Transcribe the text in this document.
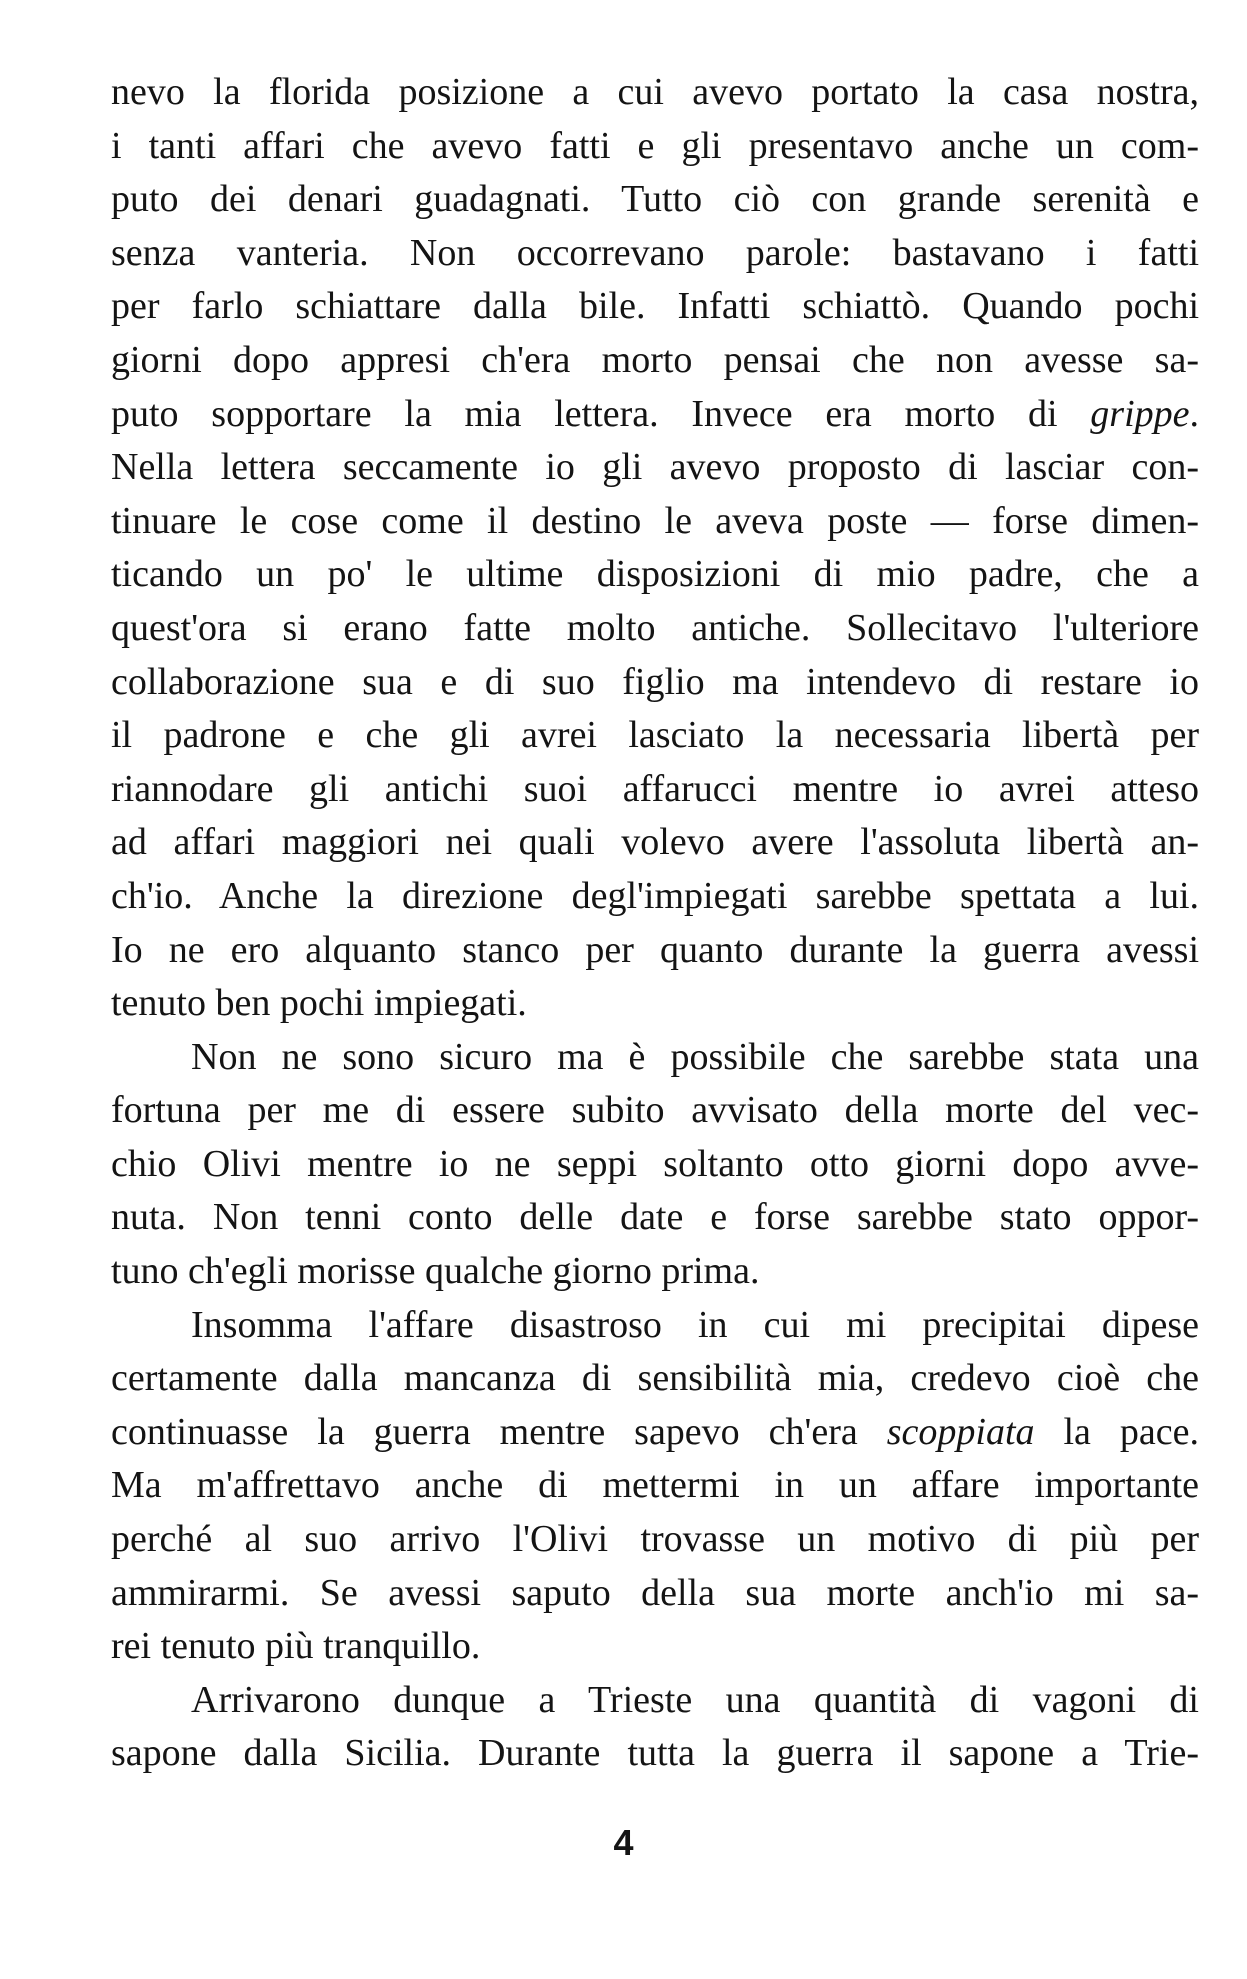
nevo la florida posizione a cui avevo portato la casa nostra,
i tanti affari che avevo fatti e gli presentavo anche un com-
puto dei denari guadagnati. Tutto ciò con grande serenità e
senza vanteria. Non occorrevano parole: bastavano i fatti
per farlo schiattare dalla bile. Infatti schiattò. Quando pochi
giorni dopo appresi ch'era morto pensai che non avesse sa-
puto sopportare la mia lettera. Invece era morto di grippe.
Nella lettera seccamente io gli avevo proposto di lasciar con-
tinuare le cose come il destino le aveva poste — forse dimen-
ticando un po' le ultime disposizioni di mio padre, che a
quest'ora si erano fatte molto antiche. Sollecitavo l'ulteriore
collaborazione sua e di suo figlio ma intendevo di restare io
il padrone e che gli avrei lasciato la necessaria libertà per
riannodare gli antichi suoi affarucci mentre io avrei atteso
ad affari maggiori nei quali volevo avere l'assoluta libertà an-
ch'io. Anche la direzione degl'impiegati sarebbe spettata a lui.
Io ne ero alquanto stanco per quanto durante la guerra avessi
tenuto ben pochi impiegati.
Non ne sono sicuro ma è possibile che sarebbe stata una
fortuna per me di essere subito avvisato della morte del vec-
chio Olivi mentre io ne seppi soltanto otto giorni dopo avve-
nuta. Non tenni conto delle date e forse sarebbe stato oppor-
tuno ch'egli morisse qualche giorno prima.
Insomma l'affare disastroso in cui mi precipitai dipese
certamente dalla mancanza di sensibilità mia, credevo cioè che
continuasse la guerra mentre sapevo ch'era scoppiata la pace.
Ma m'affrettavo anche di mettermi in un affare importante
perché al suo arrivo l'Olivi trovasse un motivo di più per
ammirarmi. Se avessi saputo della sua morte anch'io mi sa-
rei tenuto più tranquillo.
Arrivarono dunque a Trieste una quantità di vagoni di
sapone dalla Sicilia. Durante tutta la guerra il sapone a Trie-
4
